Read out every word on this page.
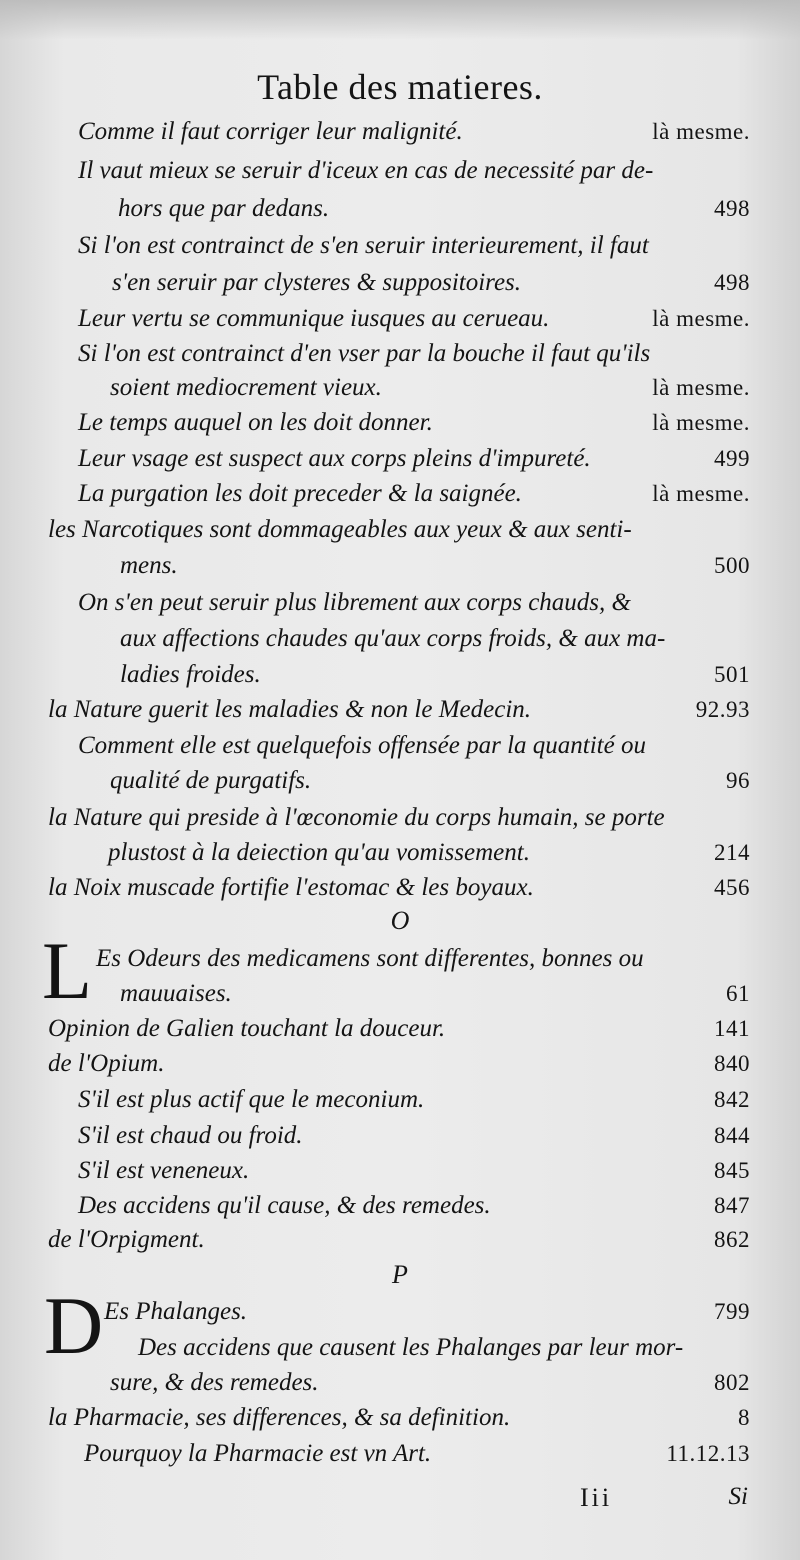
Table des matieres.
Comme il faut corriger leur malignité.	là mesme.
Il vaut mieux se seruir d'iceux en cas de necessité par de-
hors que par dedans.	498
Si l'on est contrainct de s'en seruir interieurement, il faut
s'en seruir par clysteres & suppositoires.	498
Leur vertu se communique iusques au cerueau.	là mesme.
Si l'on est contrainct d'en vser par la bouche il faut qu'ils
soient mediocrement vieux.	là mesme.
Le temps auquel on les doit donner.	là mesme.
Leur vsage est suspect aux corps pleins d'impureté.	499
La purgation les doit preceder & la saignée.	là mesme.
les Narcotiques sont dommageables aux yeux & aux senti-
mens.	500
On s'en peut seruir plus librement aux corps chauds, &
aux affections chaudes qu'aux corps froids, & aux ma-
ladies froides.	501
la Nature guerit les maladies & non le Medecin.	92.93
Comment elle est quelquefois offensée par la quantité ou
qualité de purgatifs.	96
la Nature qui preside à l'œconomie du corps humain, se porte
plustost à la deiection qu'au vomissement.	214
la Noix muscade fortifie l'estomac & les boyaux.	456
O
L Es Odeurs des medicamens sont differentes, bonnes ou
mauuaises.	61
Opinion de Galien touchant la douceur.	141
de l'Opium.	840
S'il est plus actif que le meconium.	842
S'il est chaud ou froid.	844
S'il est veneneux.	845
Des accidens qu'il cause, & des remedes.	847
de l'Orpigment.	862
P
D Es Phalanges.	799
Des accidens que causent les Phalanges par leur mor-
sure, & des remedes.	802
la Pharmacie, ses differences, & sa definition.	8
Pourquoy la Pharmacie est vn Art.	11.12.13
Iii	Si
